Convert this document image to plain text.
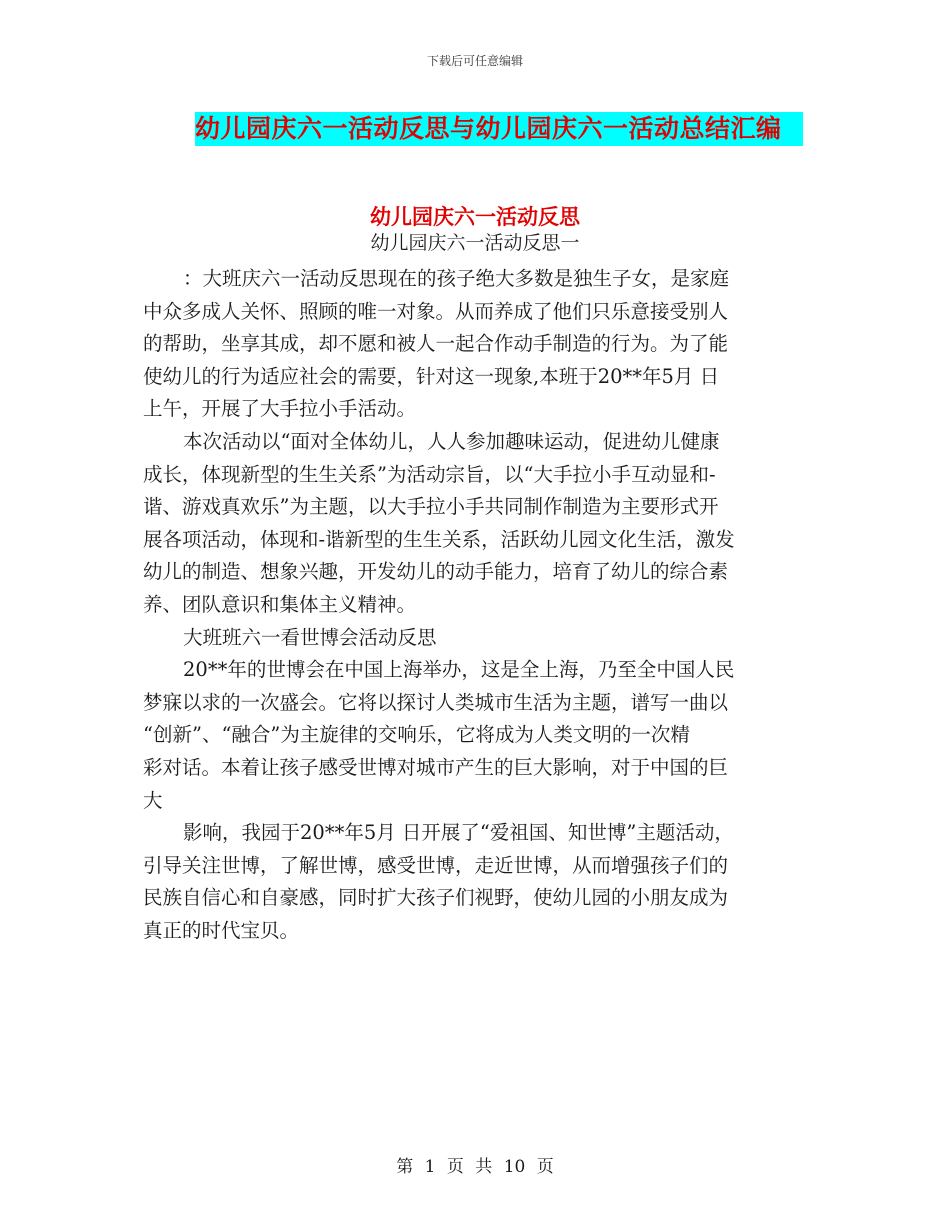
下载后可任意编辑
幼儿园庆六一活动反思与幼儿园庆六一活动总结汇编
幼儿园庆六一活动反思
幼儿园庆六一活动反思一
：大班庆六一活动反思现在的孩子绝大多数是独生子女，是家庭
中众多成人关怀、照顾的唯一对象。从而养成了他们只乐意接受别人
的帮助，坐享其成，却不愿和被人一起合作动手制造的行为。为了能
使幼儿的行为适应社会的需要，针对这一现象,本班于20**年5月 日
上午，开展了大手拉小手活动。
本次活动以“面对全体幼儿，人人参加趣味运动，促进幼儿健康
成长，体现新型的生生关系”为活动宗旨，以“大手拉小手互动显和-
谐、游戏真欢乐”为主题，以大手拉小手共同制作制造为主要形式开
展各项活动，体现和-谐新型的生生关系，活跃幼儿园文化生活，激发
幼儿的制造、想象兴趣，开发幼儿的动手能力，培育了幼儿的综合素
养、团队意识和集体主义精神。
大班班六一看世博会活动反思
20**年的世博会在中国上海举办，这是全上海，乃至全中国人民
梦寐以求的一次盛会。它将以探讨人类城市生活为主题，谱写一曲以
“创新”、“融合”为主旋律的交响乐，它将成为人类文明的一次精
彩对话。本着让孩子感受世博对城市产生的巨大影响，对于中国的巨
大
影响，我园于20**年5月 日开展了“爱祖国、知世博”主题活动，
引导关注世博，了解世博，感受世博，走近世博，从而增强孩子们的
民族自信心和自豪感，同时扩大孩子们视野，使幼儿园的小朋友成为
真正的时代宝贝。
第 1 页 共 10 页
